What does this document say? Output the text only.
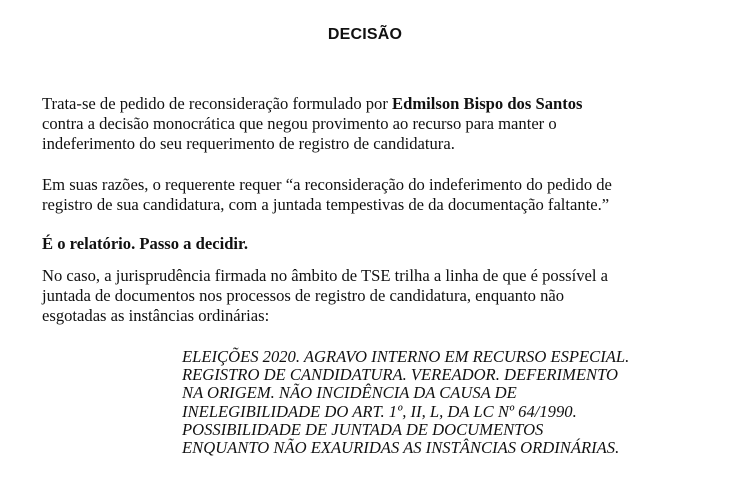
DECISÃO

Trata-se de pedido de reconsideração formulado por Edmilson Bispo dos Santos
contra a decisão monocrática que negou provimento ao recurso para manter o
indeferimento do seu requerimento de registro de candidatura.

Em suas razões, o requerente requer “a reconsideração do indeferimento do pedido de
registro de sua candidatura, com a juntada tempestivas de da documentação faltante.”

É o relatório. Passo a decidir.

No caso, a jurisprudência firmada no âmbito de TSE trilha a linha de que é possível a
juntada de documentos nos processos de registro de candidatura, enquanto não
esgotadas as instâncias ordinárias:

ELEIÇÕES 2020. AGRAVO INTERNO EM RECURSO ESPECIAL.
REGISTRO DE CANDIDATURA. VEREADOR. DEFERIMENTO
NA ORIGEM. NÃO INCIDÊNCIA DA CAUSA DE
INELEGIBILIDADE DO ART. 1º, II, L, DA LC Nº 64/1990.
POSSIBILIDADE DE JUNTADA DE DOCUMENTOS
ENQUANTO NÃO EXAURIDAS AS INSTÂNCIAS ORDINÁRIAS.
